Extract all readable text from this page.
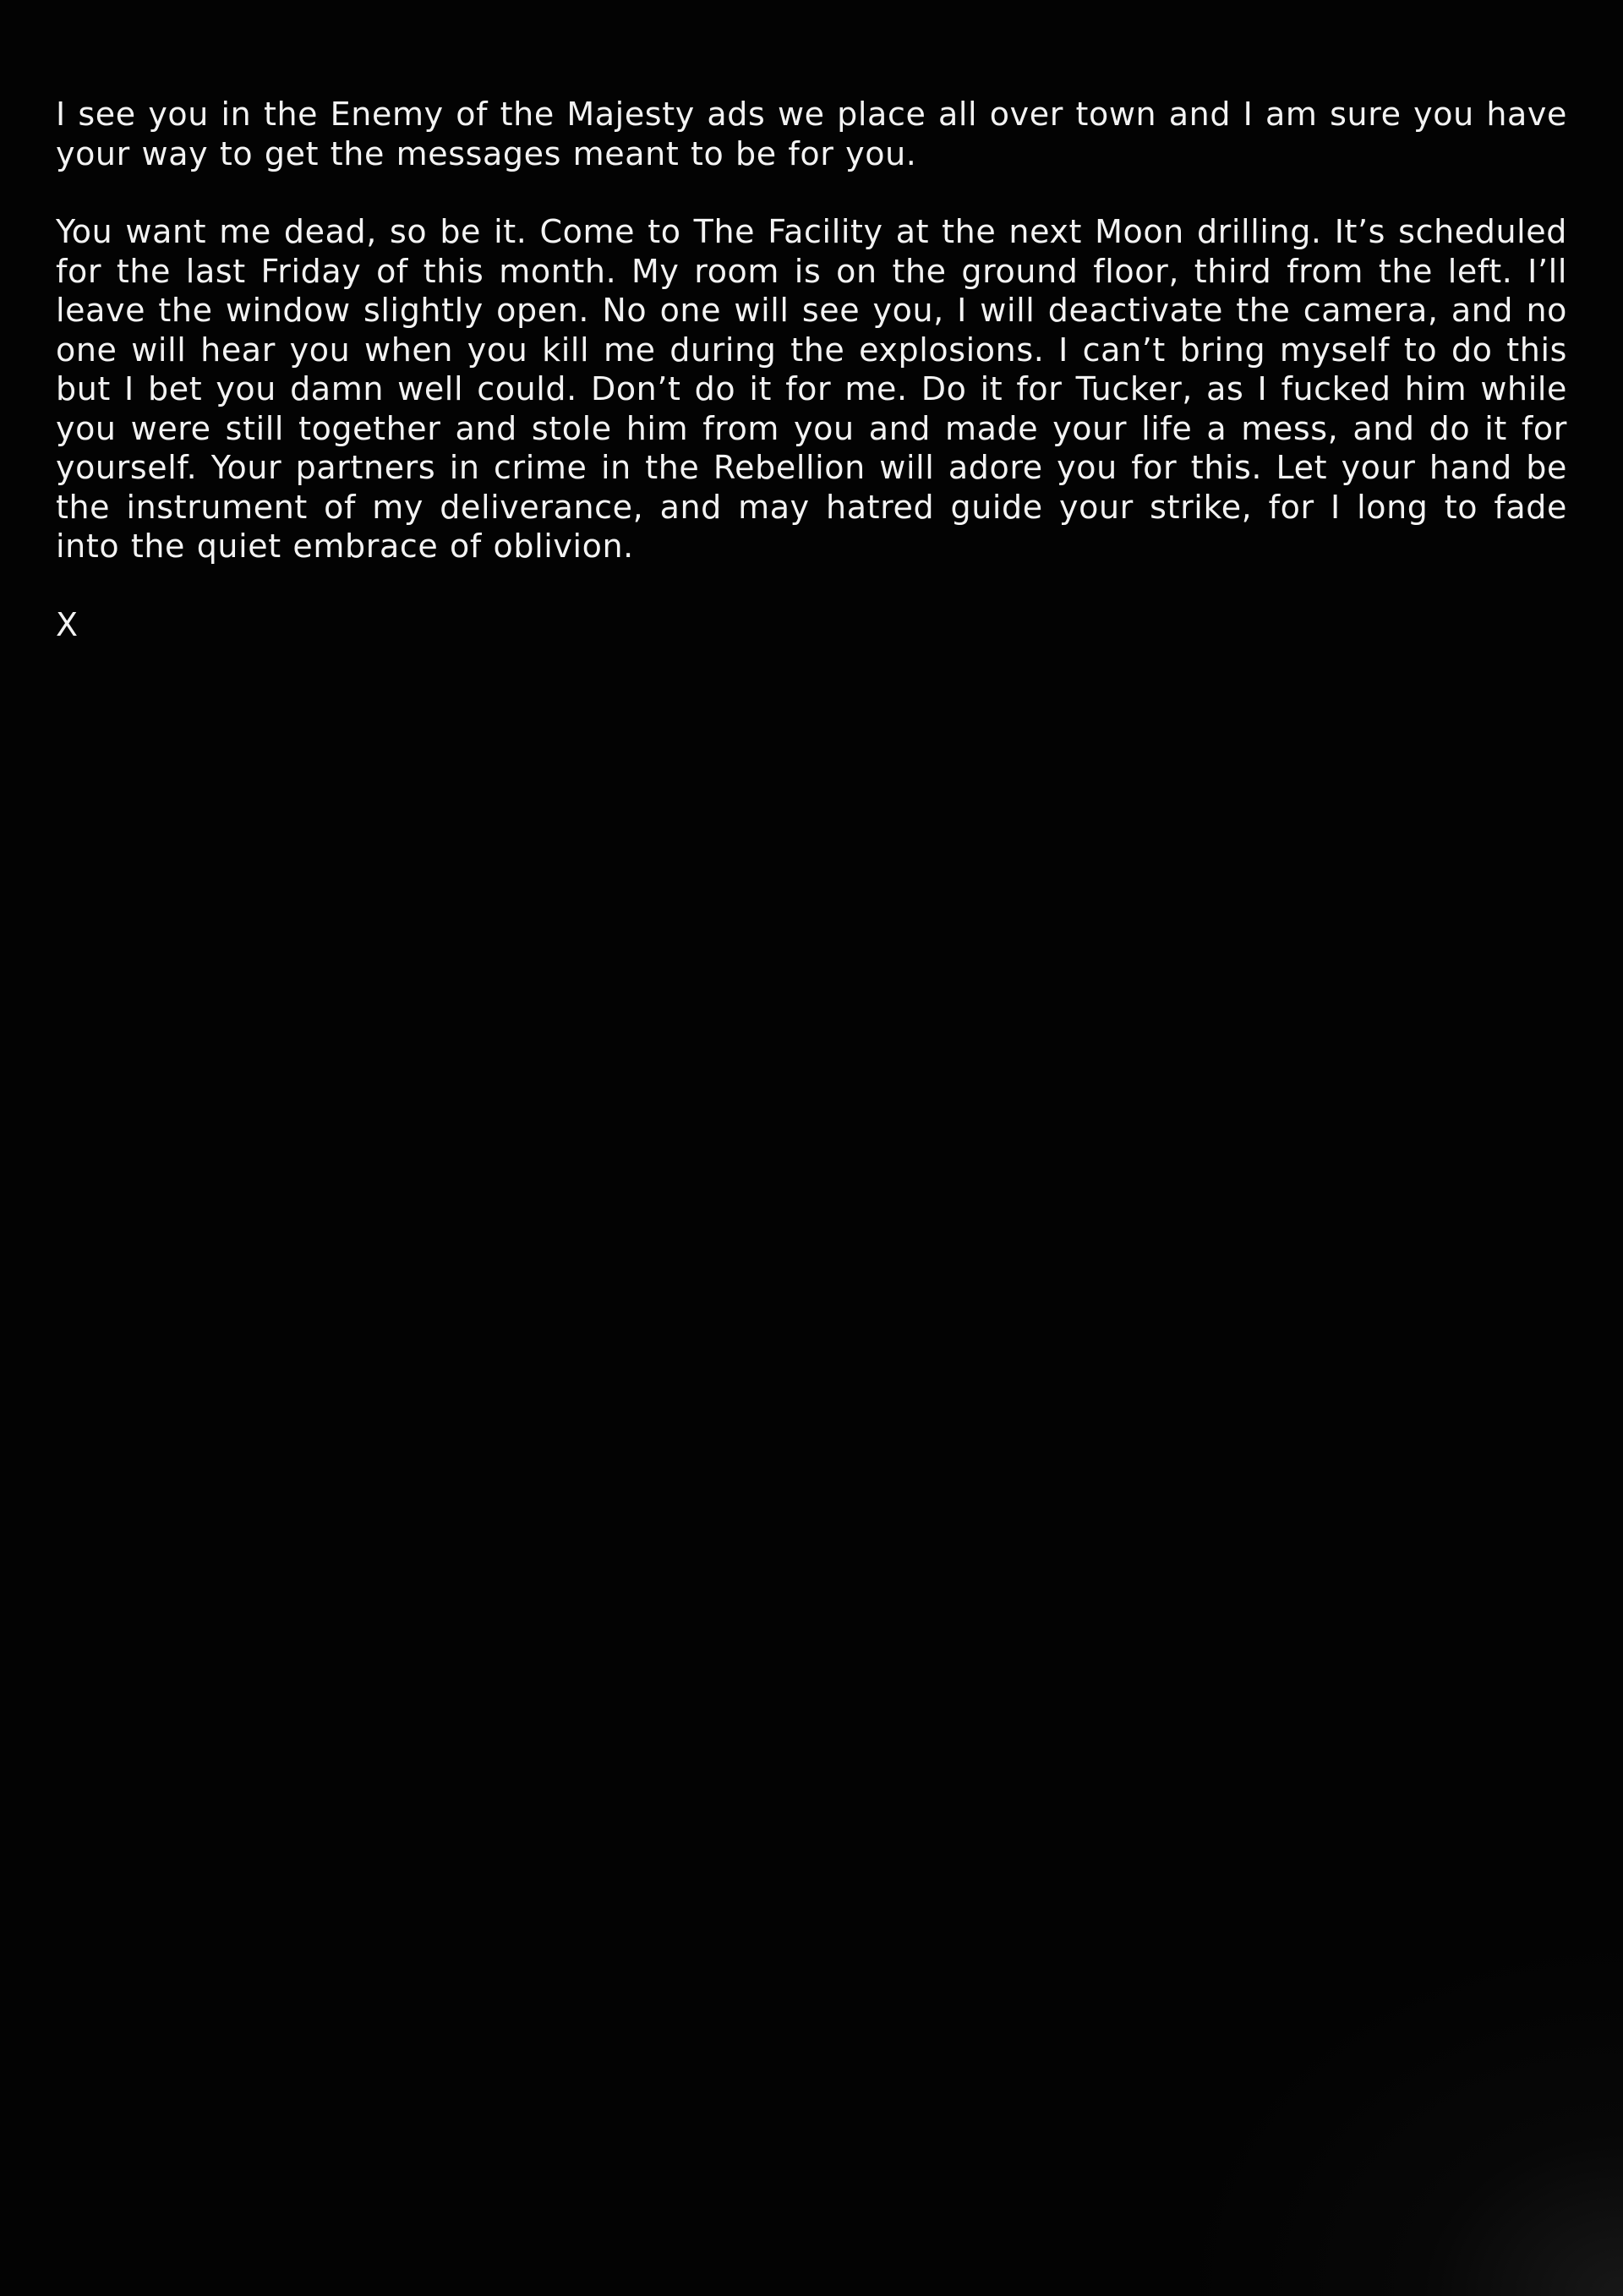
I see you in the Enemy of the Majesty ads we place all over town and I am sure you have your way to get the messages meant to be for you.

You want me dead, so be it. Come to The Facility at the next Moon drilling. It’s scheduled for the last Friday of this month. My room is on the ground floor, third from the left. I’ll leave the window slightly open. No one will see you, I will deactivate the camera, and no one will hear you when you kill me during the explosions. I can’t bring myself to do this but I bet you damn well could. Don’t do it for me. Do it for Tucker, as I fucked him while you were still together and stole him from you and made your life a mess, and do it for yourself. Your partners in crime in the Rebellion will adore you for this. Let your hand be the instrument of my deliverance, and may hatred guide your strike, for I long to fade into the quiet embrace of oblivion.

X
